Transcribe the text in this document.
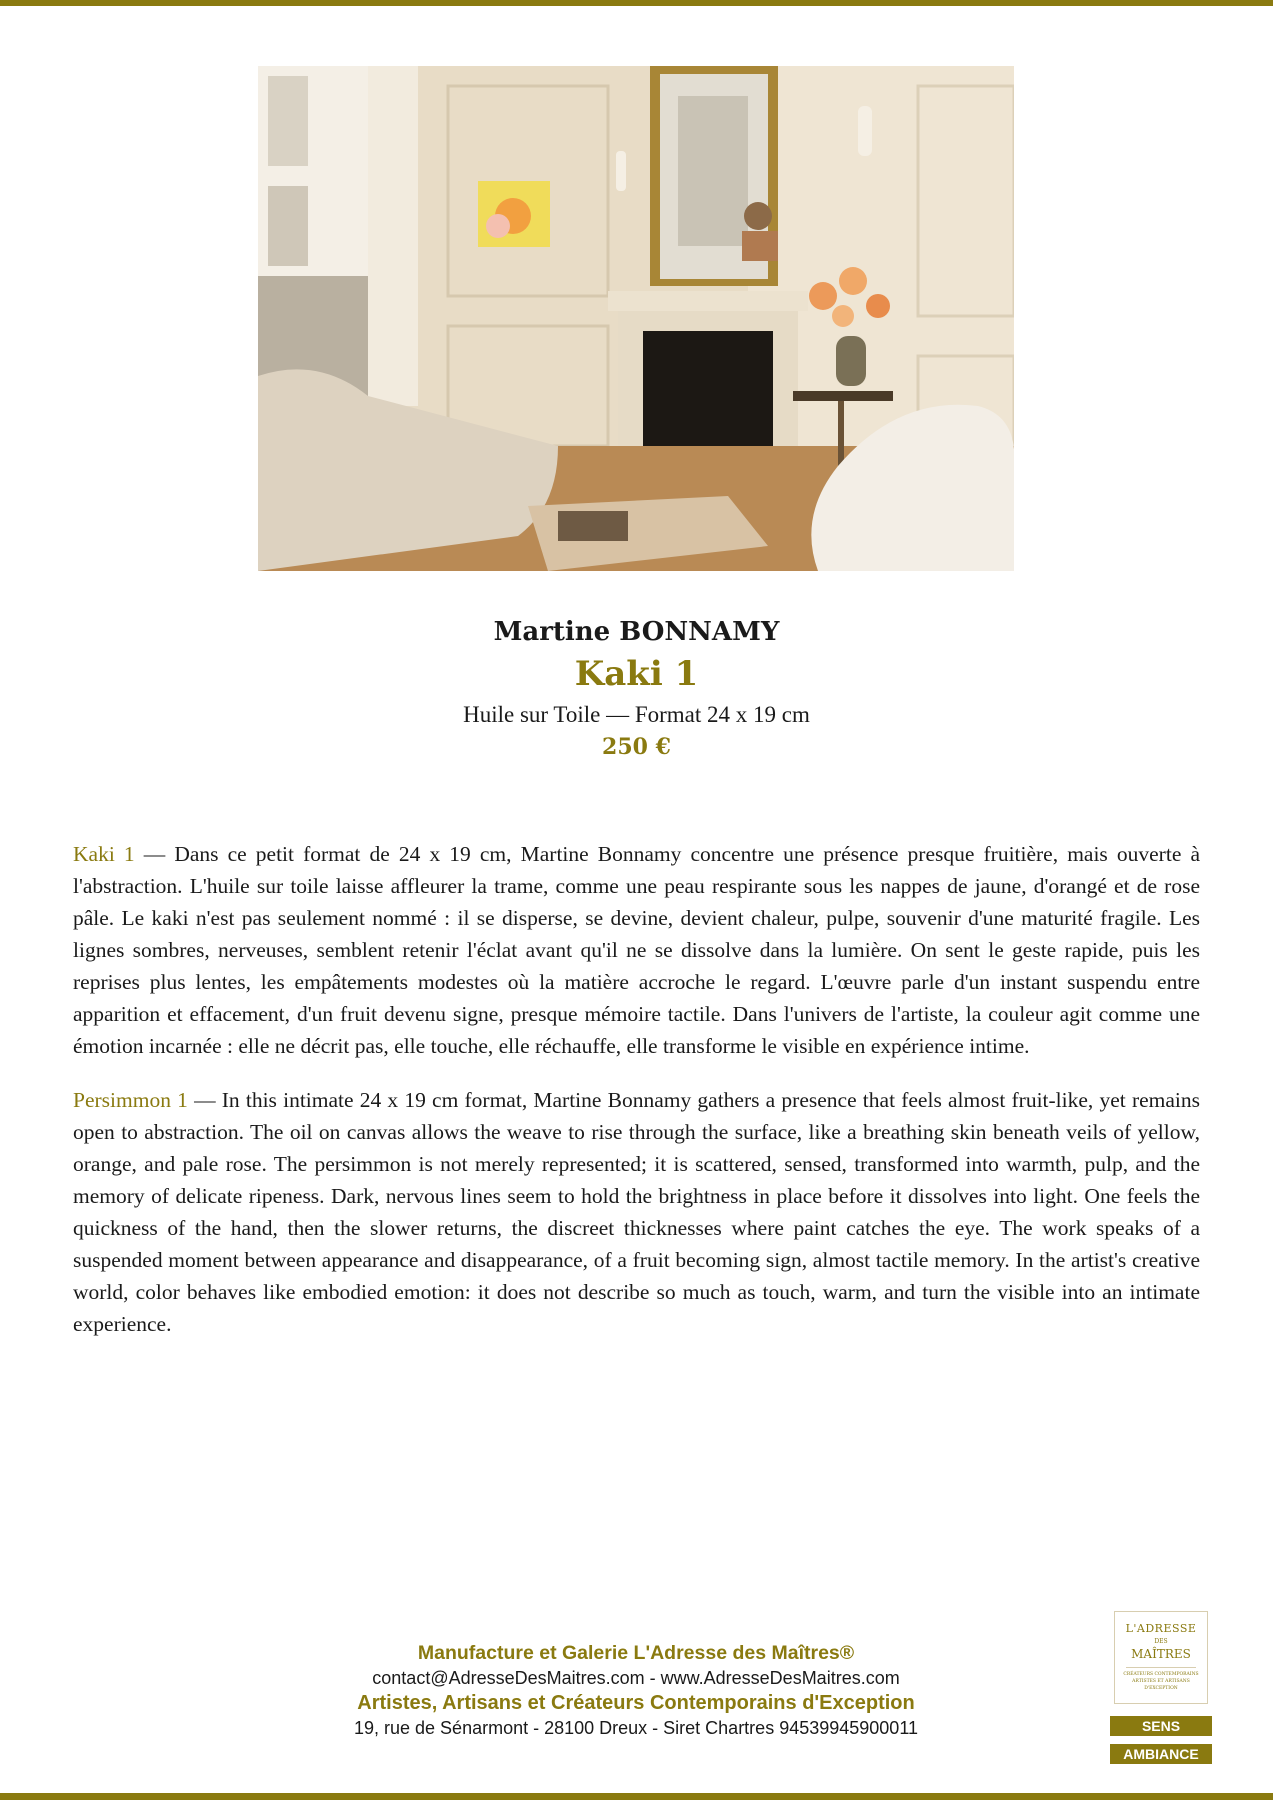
Martine BONNAMY
Kaki 1
Huile sur Toile — Format 24 x 19 cm
250 €

Kaki 1 — Dans ce petit format de 24 x 19 cm, Martine Bonnamy concentre une présence presque fruitière, mais ouverte à l'abstraction. L'huile sur toile laisse affleurer la trame, comme une peau respirante sous les nappes de jaune, d'orangé et de rose pâle. Le kaki n'est pas seulement nommé : il se disperse, se devine, devient chaleur, pulpe, souvenir d'une maturité fragile. Les lignes sombres, nerveuses, semblent retenir l'éclat avant qu'il ne se dissolve dans la lumière. On sent le geste rapide, puis les reprises plus lentes, les empâtements modestes où la matière accroche le regard. L'œuvre parle d'un instant suspendu entre apparition et effacement, d'un fruit devenu signe, presque mémoire tactile. Dans l'univers de l'artiste, la couleur agit comme une émotion incarnée : elle ne décrit pas, elle touche, elle réchauffe, elle transforme le visible en expérience intime.

Persimmon 1 — In this intimate 24 x 19 cm format, Martine Bonnamy gathers a presence that feels almost fruit-like, yet remains open to abstraction. The oil on canvas allows the weave to rise through the surface, like a breathing skin beneath veils of yellow, orange, and pale rose. The persimmon is not merely represented; it is scattered, sensed, transformed into warmth, pulp, and the memory of delicate ripeness. Dark, nervous lines seem to hold the brightness in place before it dissolves into light. One feels the quickness of the hand, then the slower returns, the discreet thicknesses where paint catches the eye. The work speaks of a suspended moment between appearance and disappearance, of a fruit becoming sign, almost tactile memory. In the artist's creative world, color behaves like embodied emotion: it does not describe so much as touch, warm, and turn the visible into an intimate experience.

Manufacture et Galerie L'Adresse des Maîtres®
contact@AdresseDesMaitres.com - www.AdresseDesMaitres.com
Artistes, Artisans et Créateurs Contemporains d'Exception
19, rue de Sénarmont - 28100 Dreux - Siret Chartres 94539945900011
L'ADRESSE
DES
MAÎTRES
CRÉATEURS CONTEMPORAINS ARTISTES ET ARTISANS D'EXCEPTION
SENS
AMBIANCE
